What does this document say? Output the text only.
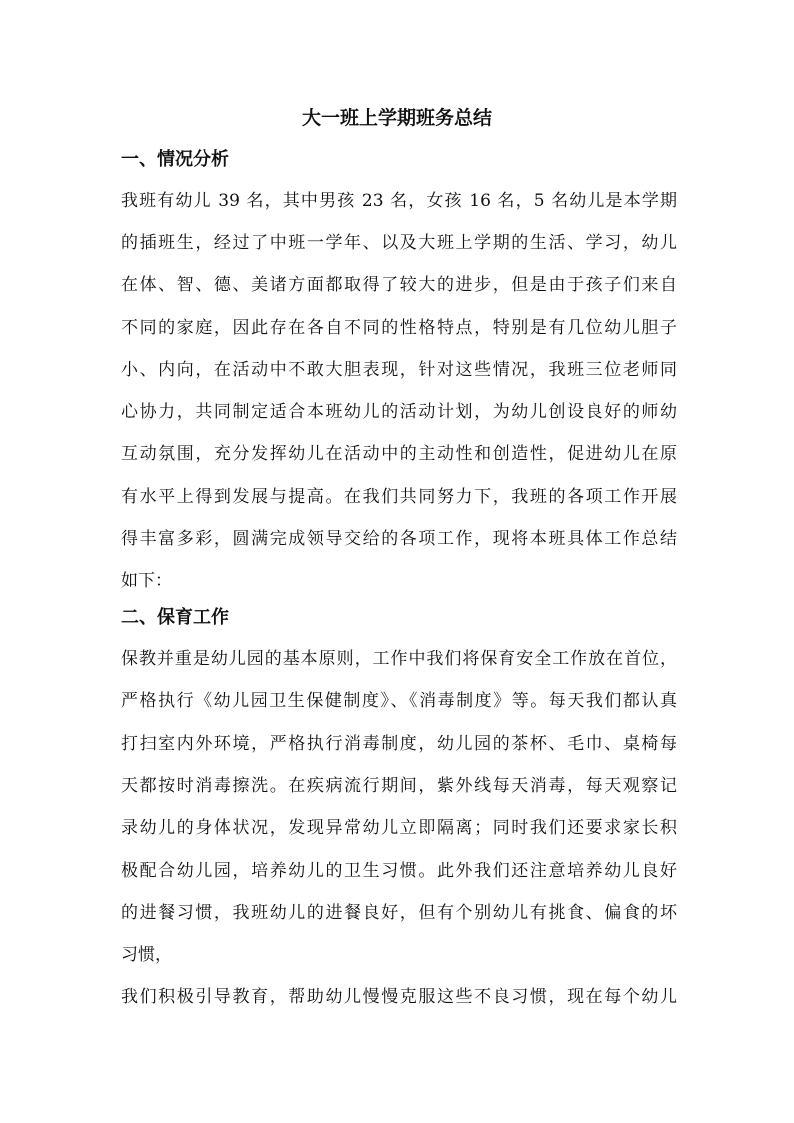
大一班上学期班务总结
一、情况分析
我班有幼儿 39 名，其中男孩 23 名，女孩 16 名，5 名幼儿是本学期
的插班生，经过了中班一学年、以及大班上学期的生活、学习，幼儿
在体、智、德、美诸方面都取得了较大的进步，但是由于孩子们来自
不同的家庭，因此存在各自不同的性格特点，特别是有几位幼儿胆子
小、内向，在活动中不敢大胆表现，针对这些情况，我班三位老师同
心协力，共同制定适合本班幼儿的活动计划，为幼儿创设良好的师幼
互动氛围，充分发挥幼儿在活动中的主动性和创造性，促进幼儿在原
有水平上得到发展与提高。在我们共同努力下，我班的各项工作开展
得丰富多彩，圆满完成领导交给的各项工作，现将本班具体工作总结
如下：
二、保育工作
保教并重是幼儿园的基本原则，工作中我们将保育安全工作放在首位，
严格执行《幼儿园卫生保健制度》、《消毒制度》等。每天我们都认真
打扫室内外环境，严格执行消毒制度，幼儿园的茶杯、毛巾、桌椅每
天都按时消毒擦洗。在疾病流行期间，紫外线每天消毒，每天观察记
录幼儿的身体状况，发现异常幼儿立即隔离；同时我们还要求家长积
极配合幼儿园，培养幼儿的卫生习惯。此外我们还注意培养幼儿良好
的进餐习惯，我班幼儿的进餐良好，但有个别幼儿有挑食、偏食的坏
习惯，
我们积极引导教育，帮助幼儿慢慢克服这些不良习惯，现在每个幼儿
